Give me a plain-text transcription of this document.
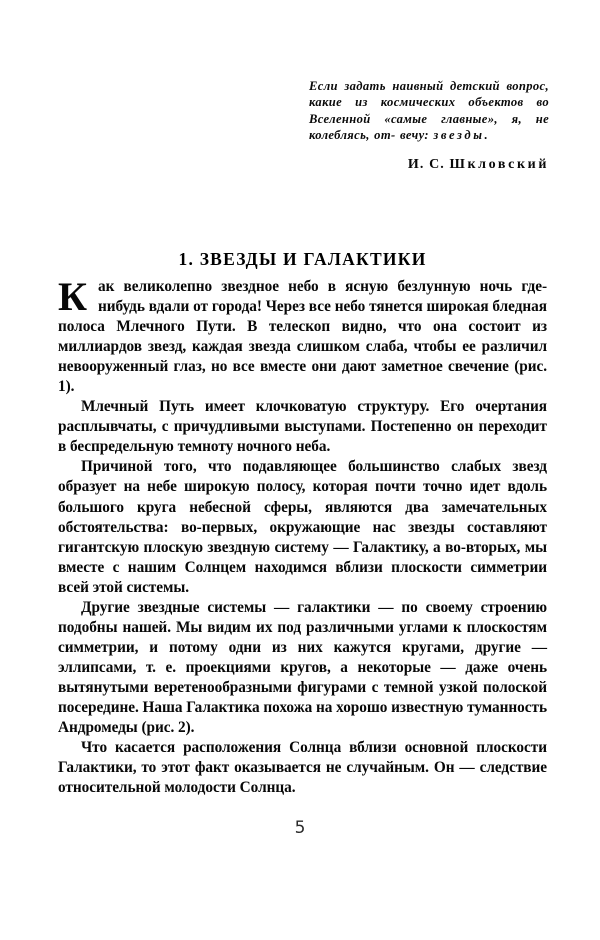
Если задать наивный детский вопрос, какие из космических объектов во Вселенной «самые главные», я, не колеблясь, от- вечу: звезды.
И. С. Шкловский
1. ЗВЕЗДЫ И ГАЛАКТИКИ

Как великолепно звездное небо в ясную безлунную ночь где-нибудь вдали от города! Через все небо тянется широкая бледная полоса Млечного Пути. В телескоп видно, что она состоит из миллиардов звезд, каждая звезда слишком слаба, чтобы ее различил невооруженный глаз, но все вместе они дают заметное свечение (рис. 1).

Млечный Путь имеет клочковатую структуру. Его очертания расплывчаты, с причудливыми выступами. Постепенно он переходит в беспредельную темноту ночного неба.

Причиной того, что подавляющее большинство слабых звезд образует на небе широкую полосу, которая почти точно идет вдоль большого круга небесной сферы, являются два замечательных обстоятельства: во-первых, окружающие нас звезды составляют гигантскую плоскую звездную систему — Галактику, а во-вторых, мы вместе с нашим Солнцем находимся вблизи плоскости симметрии всей этой системы.

Другие звездные системы — галактики — по своему строению подобны нашей. Мы видим их под различными углами к плоскостям симметрии, и потому одни из них кажутся кругами, другие — эллипсами, т. е. проекциями кругов, а некоторые — даже очень вытянутыми веретенообразными фигурами с темной узкой полоской посередине. Наша Галактика похожа на хорошо известную туманность Андромеды (рис. 2).

Что касается расположения Солнца вблизи основной плоскости Галактики, то этот факт оказывается не случайным. Он — следствие относительной молодости Солнца.

5
